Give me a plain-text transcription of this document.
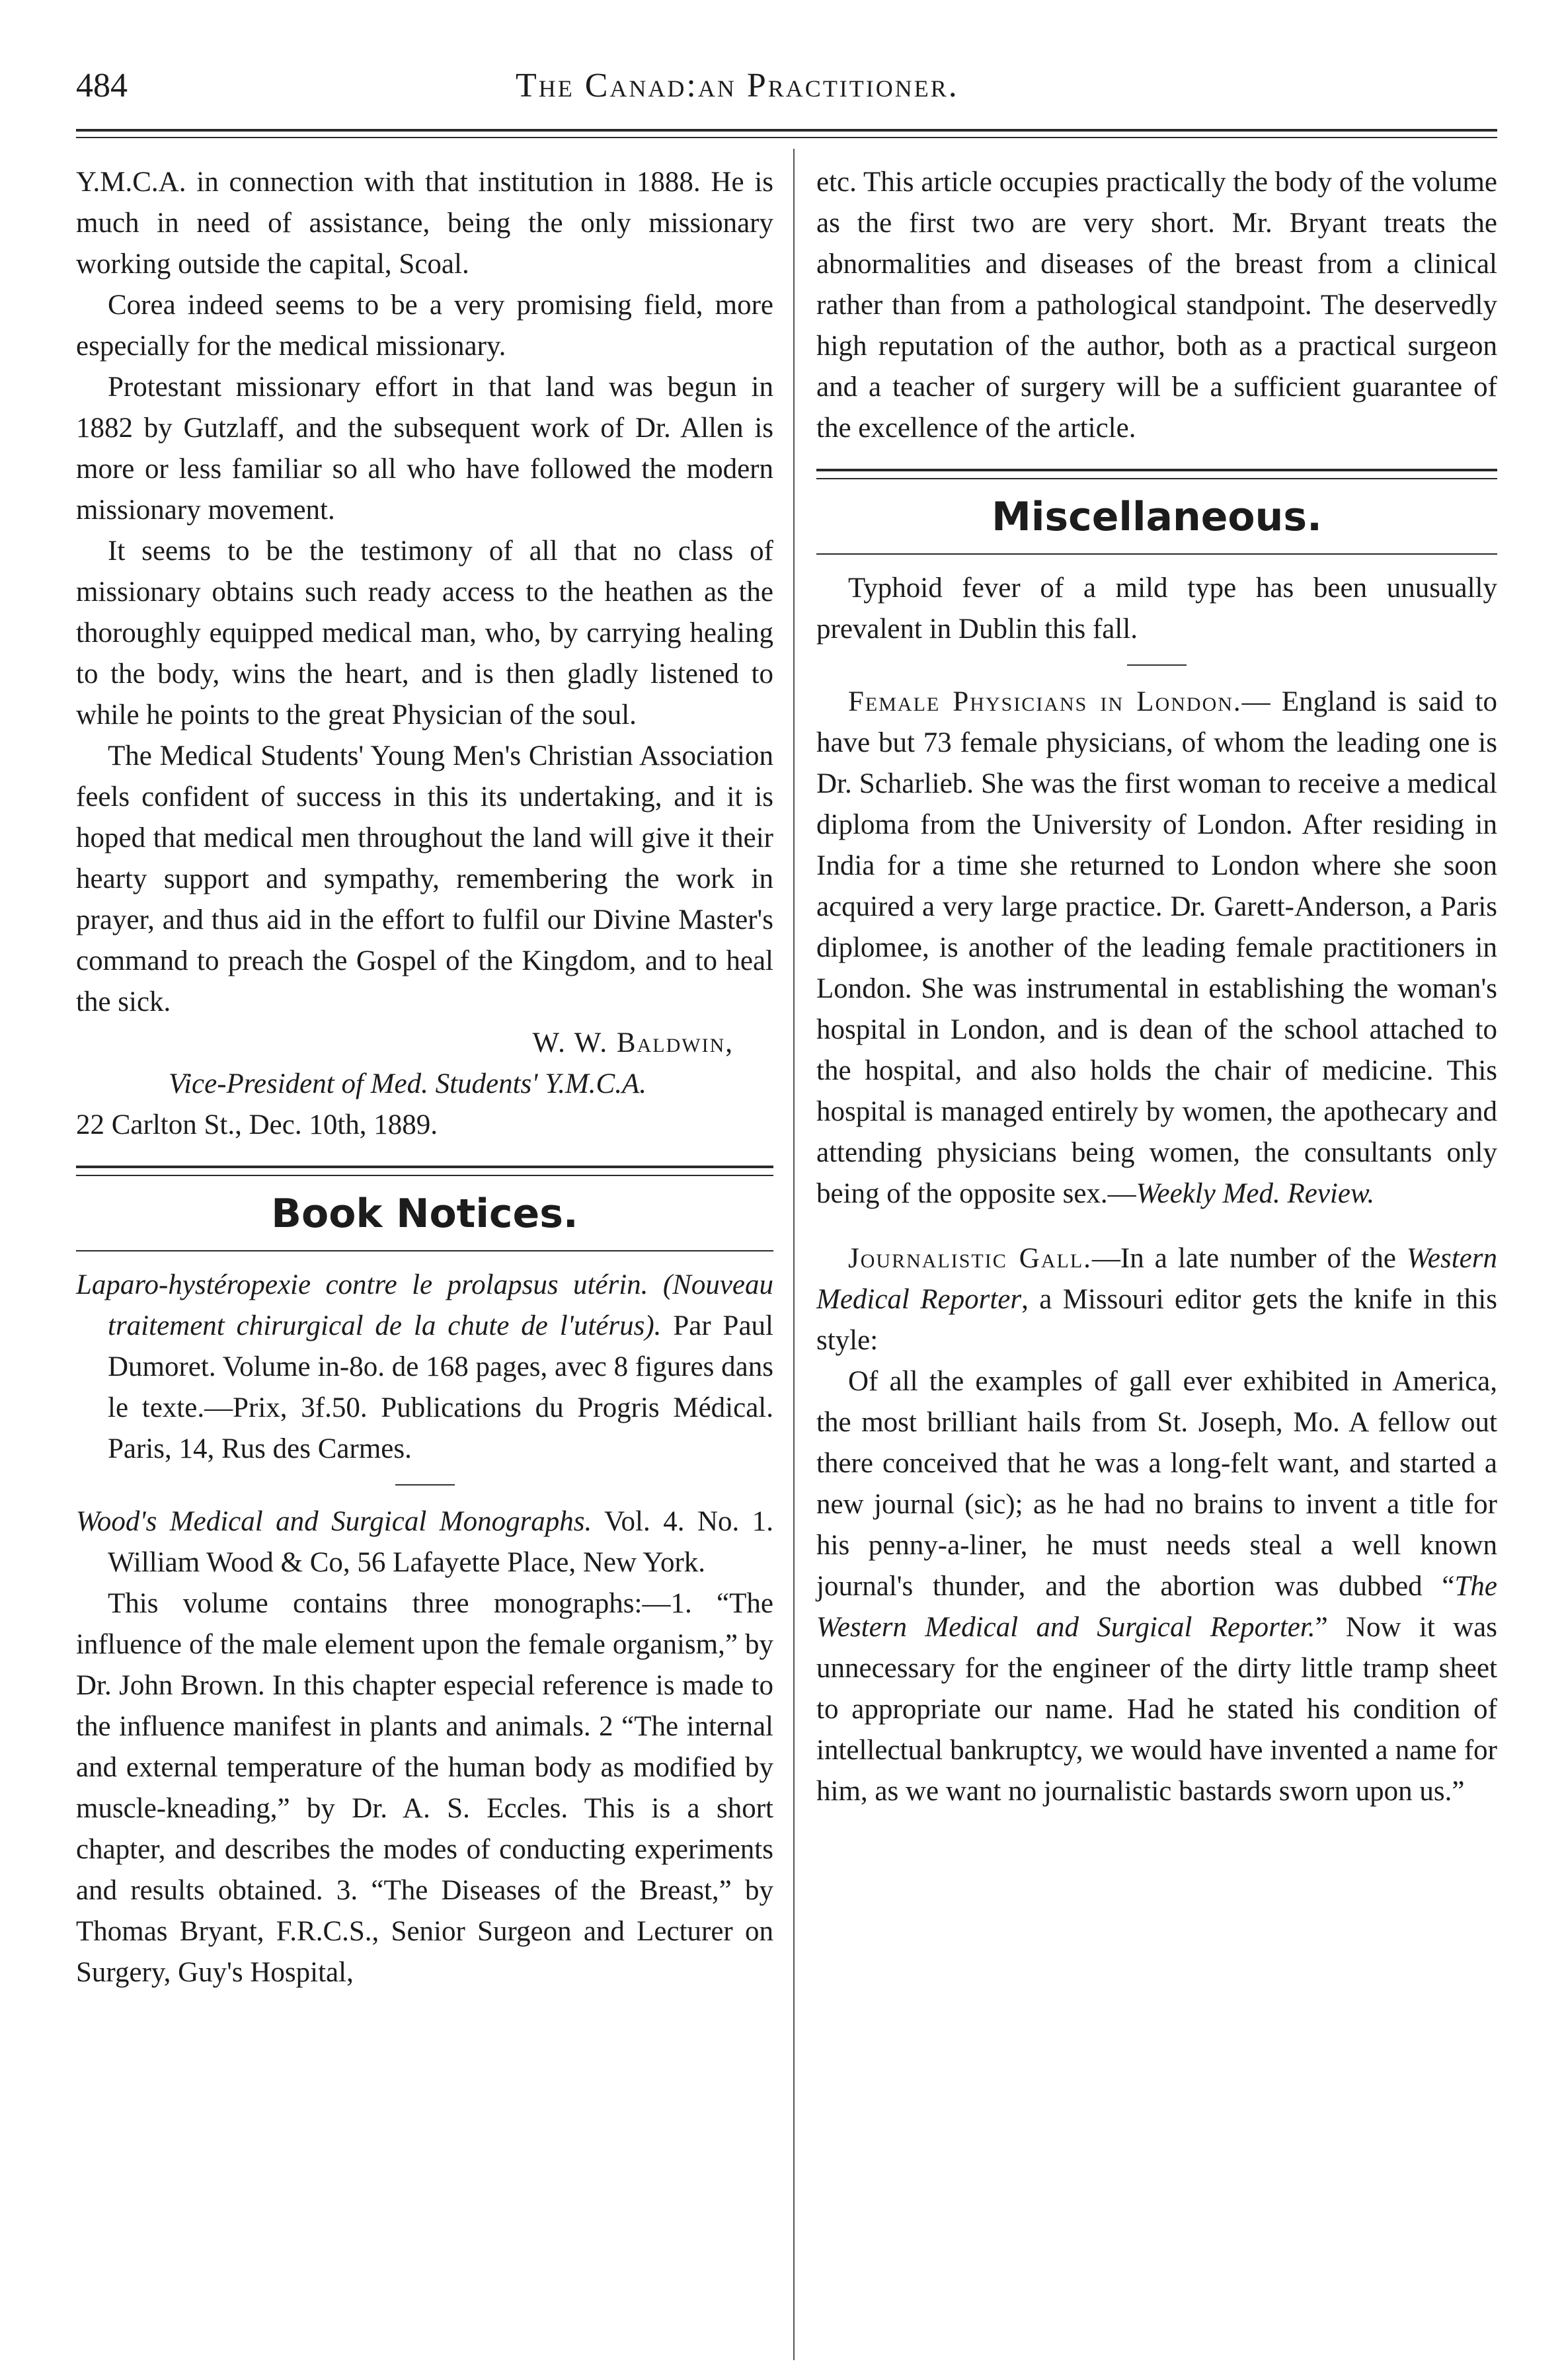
484	The Canad:an Practitioner.

Y.M.C.A. in connection with that institution in 1888. He is much in need of assistance, being the only missionary working outside the capital, Scoal.

Corea indeed seems to be a very promising field, more especially for the medical missionary.

Protestant missionary effort in that land was begun in 1882 by Gutzlaff, and the subsequent work of Dr. Allen is more or less familiar so all who have followed the modern missionary movement.

It seems to be the testimony of all that no class of missionary obtains such ready access to the heathen as the thoroughly equipped medical man, who, by carrying healing to the body, wins the heart, and is then gladly listened to while he points to the great Physician of the soul.

The Medical Students' Young Men's Christian Association feels confident of success in this its undertaking, and it is hoped that medical men throughout the land will give it their hearty support and sympathy, remembering the work in prayer, and thus aid in the effort to fulfil our Divine Master's command to preach the Gospel of the Kingdom, and to heal the sick.

W. W. Baldwin,

Vice-President of Med. Students' Y.M.C.A.

22 Carlton St., Dec. 10th, 1889.

Book Notices.

Laparo-hystéropexie contre le prolapsus utérin. (Nouveau traitement chirurgical de la chute de l'utérus). Par Paul Dumoret. Volume in-8o. de 168 pages, avec 8 figures dans le texte.—Prix, 3f.50. Publications du Progris Médical. Paris, 14, Rus des Carmes.

Wood's Medical and Surgical Monographs. Vol. 4. No. 1. William Wood & Co, 56 Lafayette Place, New York.

This volume contains three monographs:—1. “The influence of the male element upon the female organism,” by Dr. John Brown. In this chapter especial reference is made to the influence manifest in plants and animals. 2 “The internal and external temperature of the human body as modified by muscle-kneading,” by Dr. A. S. Eccles. This is a short chapter, and describes the modes of conducting experiments and results obtained. 3. “The Diseases of the Breast,” by Thomas Bryant, F.R.C.S., Senior Surgeon and Lecturer on Surgery, Guy's Hospital,

etc. This article occupies practically the body of the volume as the first two are very short. Mr. Bryant treats the abnormalities and diseases of the breast from a clinical rather than from a pathological standpoint. The deservedly high reputation of the author, both as a practical surgeon and a teacher of surgery will be a sufficient guarantee of the excellence of the article.

Miscellaneous.

Typhoid fever of a mild type has been unusually prevalent in Dublin this fall.

Female Physicians in London.— England is said to have but 73 female physicians, of whom the leading one is Dr. Scharlieb. She was the first woman to receive a medical diploma from the University of London. After residing in India for a time she returned to London where she soon acquired a very large practice. Dr. Garett-Anderson, a Paris diplomee, is another of the leading female practitioners in London. She was instrumental in establishing the woman's hospital in London, and is dean of the school attached to the hospital, and also holds the chair of medicine. This hospital is managed entirely by women, the apothecary and attending physicians being women, the consultants only being of the opposite sex.—Weekly Med. Review.

Journalistic Gall.—In a late number of the Western Medical Reporter, a Missouri editor gets the knife in this style:

Of all the examples of gall ever exhibited in America, the most brilliant hails from St. Joseph, Mo. A fellow out there conceived that he was a long-felt want, and started a new journal (sic); as he had no brains to invent a title for his penny-a-liner, he must needs steal a well known journal's thunder, and the abortion was dubbed “The Western Medical and Surgical Reporter.” Now it was unnecessary for the engineer of the dirty little tramp sheet to appropriate our name. Had he stated his condition of intellectual bankruptcy, we would have invented a name for him, as we want no journalistic bastards sworn upon us.”
